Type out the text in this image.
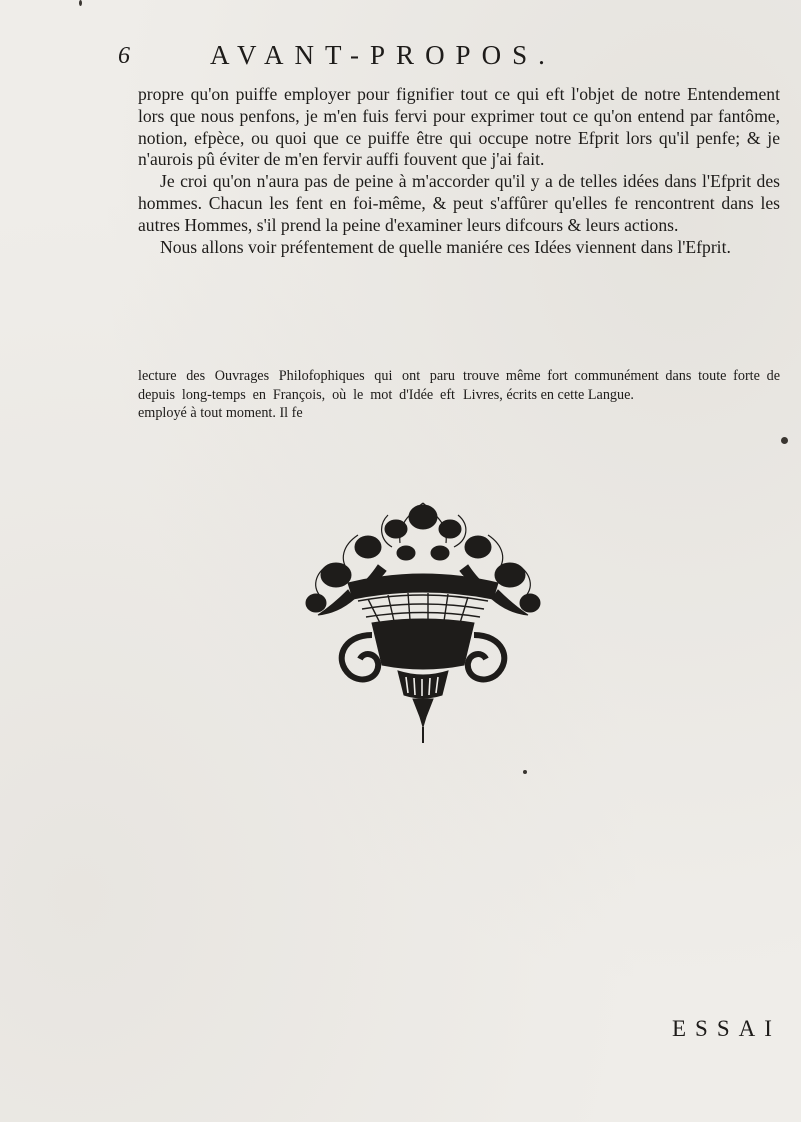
6	AVANT-PROPOS.

propre qu'on puiffe employer pour fignifier tout ce qui eft l'objet de notre Entendement lors que nous penfons, je m'en fuis fervi pour exprimer tout ce qu'on entend par fantôme, notion, efpèce, ou quoi que ce puiffe être qui occupe notre Efprit lors qu'il penfe; & je n'aurois pû éviter de m'en fervir auffi fouvent que j'ai fait.

Je croi qu'on n'aura pas de peine à m'accorder qu'il y a de telles idées dans l'Efprit des hommes. Chacun les fent en foi-même, & peut s'affûrer qu'elles fe rencontrent dans les autres Hommes, s'il prend la peine d'examiner leurs difcours & leurs actions.

Nous allons voir préfentement de quelle maniére ces Idées viennent dans l'Efprit.

lecture des Ouvrages Philofophiques qui ont paru depuis long-temps en François, où le mot d'Idée eft employé à tout moment. Il fe
trouve même fort communément dans toute forte de Livres, écrits en cette Langue.
ESSAI
